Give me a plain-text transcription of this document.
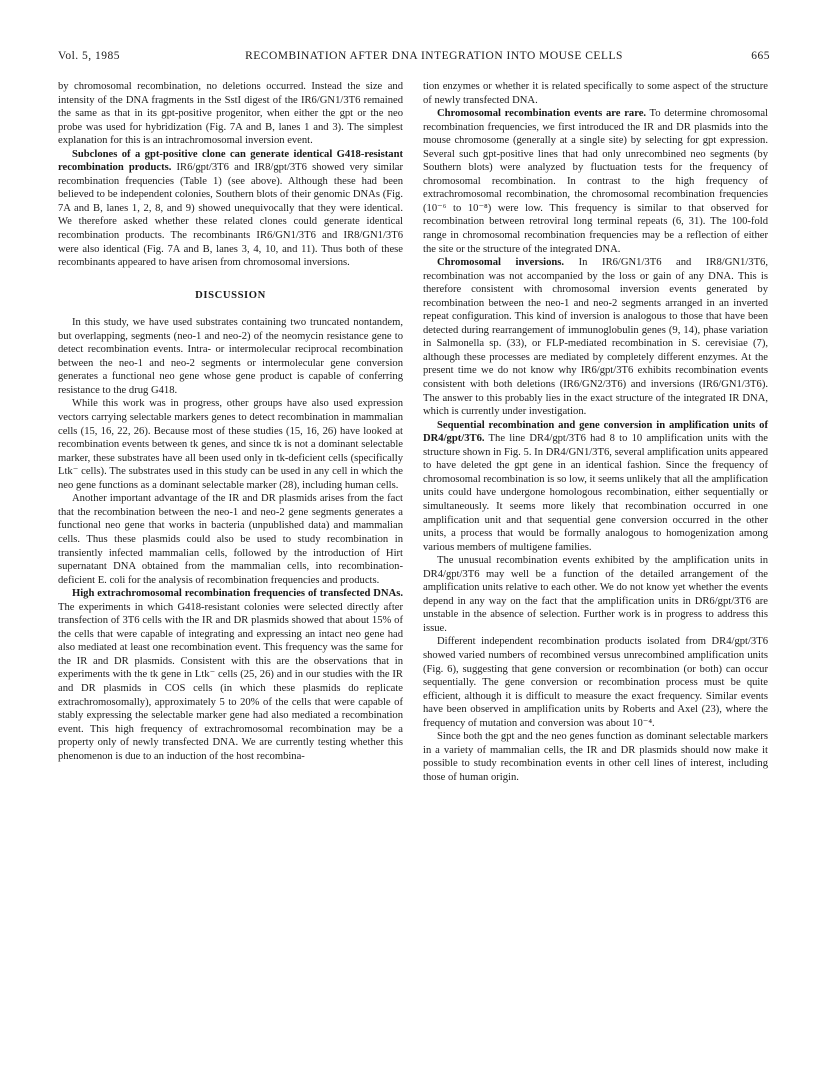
Vol. 5, 1985	RECOMBINATION AFTER DNA INTEGRATION INTO MOUSE CELLS	665

by chromosomal recombination, no deletions occurred. Instead the size and intensity of the DNA fragments in the SstI digest of the IR6/GN1/3T6 remained the same as that in its gpt-positive progenitor, when either the gpt or the neo probe was used for hybridization (Fig. 7A and B, lanes 1 and 3). The simplest explanation for this is an intrachromosomal inversion event.

Subclones of a gpt-positive clone can generate identical G418-resistant recombination products. IR6/gpt/3T6 and IR8/gpt/3T6 showed very similar recombination frequencies (Table 1) (see above). Although these had been believed to be independent colonies, Southern blots of their genomic DNAs (Fig. 7A and B, lanes 1, 2, 8, and 9) showed unequivocally that they were identical. We therefore asked whether these related clones could generate identical recombination products. The recombinants IR6/GN1/3T6 and IR8/GN1/3T6 were also identical (Fig. 7A and B, lanes 3, 4, 10, and 11). Thus both of these recombinants appeared to have arisen from chromosomal inversions.

DISCUSSION

In this study, we have used substrates containing two truncated nontandem, but overlapping, segments (neo-1 and neo-2) of the neomycin resistance gene to detect recombination events. Intra- or intermolecular reciprocal recombination between the neo-1 and neo-2 segments or intermolecular gene conversion generates a functional neo gene whose gene product is capable of conferring resistance to the drug G418.

While this work was in progress, other groups have also used expression vectors carrying selectable markers genes to detect recombination in mammalian cells (15, 16, 22, 26). Because most of these studies (15, 16, 26) have looked at recombination events between tk genes, and since tk is not a dominant selectable marker, these substrates have all been used only in tk-deficient cells (specifically Ltk⁻ cells). The substrates used in this study can be used in any cell in which the neo gene functions as a dominant selectable marker (28), including human cells.

Another important advantage of the IR and DR plasmids arises from the fact that the recombination between the neo-1 and neo-2 gene segments generates a functional neo gene that works in bacteria (unpublished data) and mammalian cells. Thus these plasmids could also be used to study recombination in transiently infected mammalian cells, followed by the introduction of Hirt supernatant DNA obtained from the mammalian cells, into recombination-deficient E. coli for the analysis of recombination frequencies and products.

High extrachromosomal recombination frequencies of transfected DNAs. The experiments in which G418-resistant colonies were selected directly after transfection of 3T6 cells with the IR and DR plasmids showed that about 15% of the cells that were capable of integrating and expressing an intact neo gene had also mediated at least one recombination event. This frequency was the same for the IR and DR plasmids. Consistent with this are the observations that in experiments with the tk gene in Ltk⁻ cells (25, 26) and in our studies with the IR and DR plasmids in COS cells (in which these plasmids do replicate extrachromosomally), approximately 5 to 20% of the cells that were capable of stably expressing the selectable marker gene had also mediated a recombination event. This high frequency of extrachromosomal recombination may be a property only of newly transfected DNA. We are currently testing whether this phenomenon is due to an induction of the host recombina-

tion enzymes or whether it is related specifically to some aspect of the structure of newly transfected DNA.

Chromosomal recombination events are rare. To determine chromosomal recombination frequencies, we first introduced the IR and DR plasmids into the mouse chromosome (generally at a single site) by selecting for gpt expression. Several such gpt-positive lines that had only unrecombined neo segments (by Southern blots) were analyzed by fluctuation tests for the frequency of chromosomal recombination. In contrast to the high frequency of extrachromosomal recombination, the chromosomal recombination frequencies (10⁻⁶ to 10⁻⁸) were low. This frequency is similar to that observed for recombination between retroviral long terminal repeats (6, 31). The 100-fold range in chromosomal recombination frequencies may be a reflection of either the site or the structure of the integrated DNA.

Chromosomal inversions. In IR6/GN1/3T6 and IR8/GN1/3T6, recombination was not accompanied by the loss or gain of any DNA. This is therefore consistent with chromosomal inversion events generated by recombination between the neo-1 and neo-2 segments arranged in an inverted repeat configuration. This kind of inversion is analogous to those that have been detected during rearrangement of immunoglobulin genes (9, 14), phase variation in Salmonella sp. (33), or FLP-mediated recombination in S. cerevisiae (7), although these processes are mediated by completely different enzymes. At the present time we do not know why IR6/gpt/3T6 exhibits recombination events consistent with both deletions (IR6/GN2/3T6) and inversions (IR6/GN1/3T6). The answer to this probably lies in the exact structure of the integrated IR DNA, which is currently under investigation.

Sequential recombination and gene conversion in amplification units of DR4/gpt/3T6. The line DR4/gpt/3T6 had 8 to 10 amplification units with the structure shown in Fig. 5. In DR4/GN1/3T6, several amplification units appeared to have deleted the gpt gene in an identical fashion. Since the frequency of chromosomal recombination is so low, it seems unlikely that all the amplification units could have undergone homologous recombination, either sequentially or simultaneously. It seems more likely that recombination occurred in one amplification unit and that sequential gene conversion occurred in the other units, a process that would be formally analogous to homogenization among various members of multigene families.

The unusual recombination events exhibited by the amplification units in DR4/gpt/3T6 may well be a function of the detailed arrangement of the amplification units relative to each other. We do not know yet whether the events depend in any way on the fact that the amplification units in DR6/gpt/3T6 are unstable in the absence of selection. Further work is in progress to address this issue.

Different independent recombination products isolated from DR4/gpt/3T6 showed varied numbers of recombined versus unrecombined amplification units (Fig. 6), suggesting that gene conversion or recombination (or both) can occur sequentially. The gene conversion or recombination process must be quite efficient, although it is difficult to measure the exact frequency. Similar events have been observed in amplification units by Roberts and Axel (23), where the frequency of mutation and conversion was about 10⁻⁴.

Since both the gpt and the neo genes function as dominant selectable markers in a variety of mammalian cells, the IR and DR plasmids should now make it possible to study recombination events in other cell lines of interest, including those of human origin.
